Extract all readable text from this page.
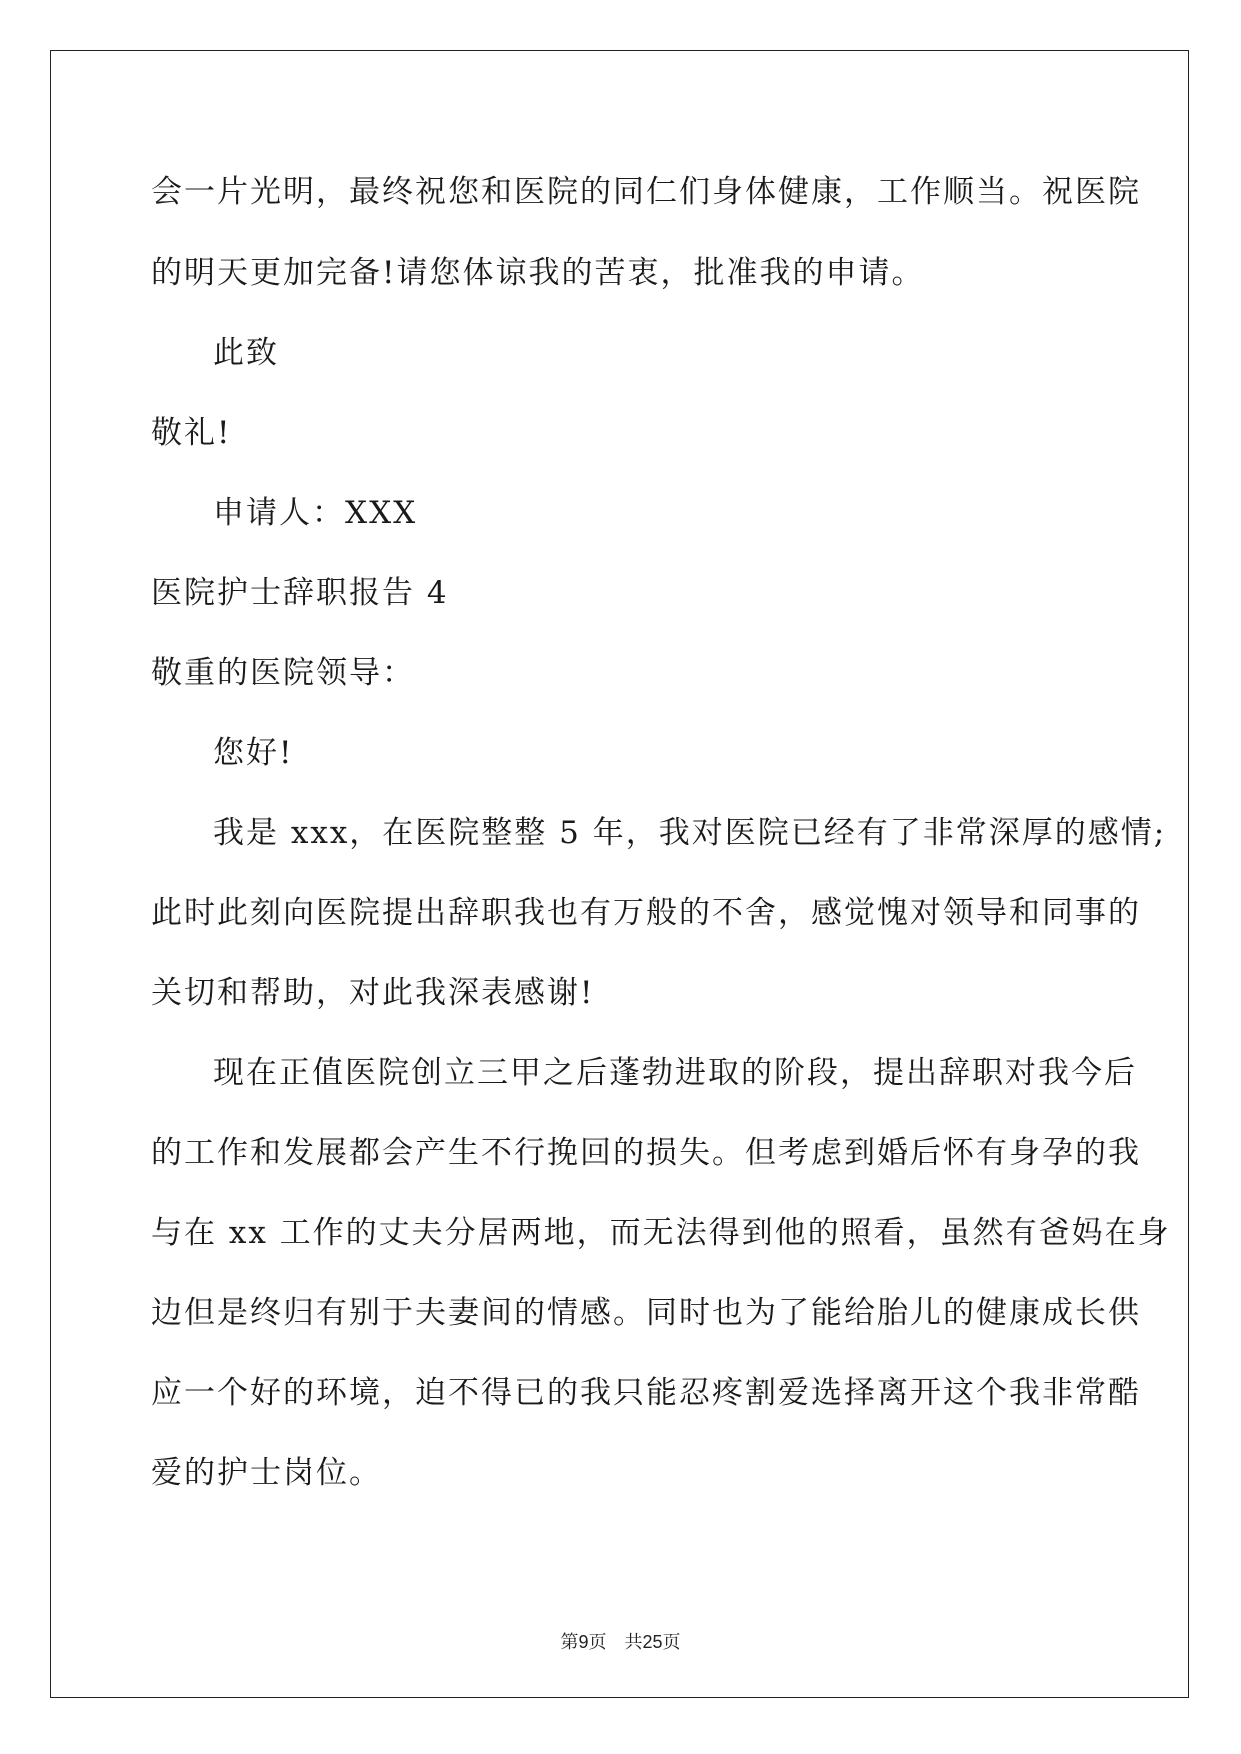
会一片光明，最终祝您和医院的同仁们身体健康，工作顺当。祝医院
的明天更加完备!请您体谅我的苦衷，批准我的申请。
此致
敬礼!
申请人：XXX
医院护士辞职报告 4
敬重的医院领导：
您好!
我是 xxx，在医院整整 5 年，我对医院已经有了非常深厚的感情;
此时此刻向医院提出辞职我也有万般的不舍，感觉愧对领导和同事的
关切和帮助，对此我深表感谢!
现在正值医院创立三甲之后蓬勃进取的阶段，提出辞职对我今后
的工作和发展都会产生不行挽回的损失。但考虑到婚后怀有身孕的我
与在 xx 工作的丈夫分居两地，而无法得到他的照看，虽然有爸妈在身
边但是终归有别于夫妻间的情感。同时也为了能给胎儿的健康成长供
应一个好的环境，迫不得已的我只能忍疼割爱选择离开这个我非常酷
爱的护士岗位。
第9页　共25页
